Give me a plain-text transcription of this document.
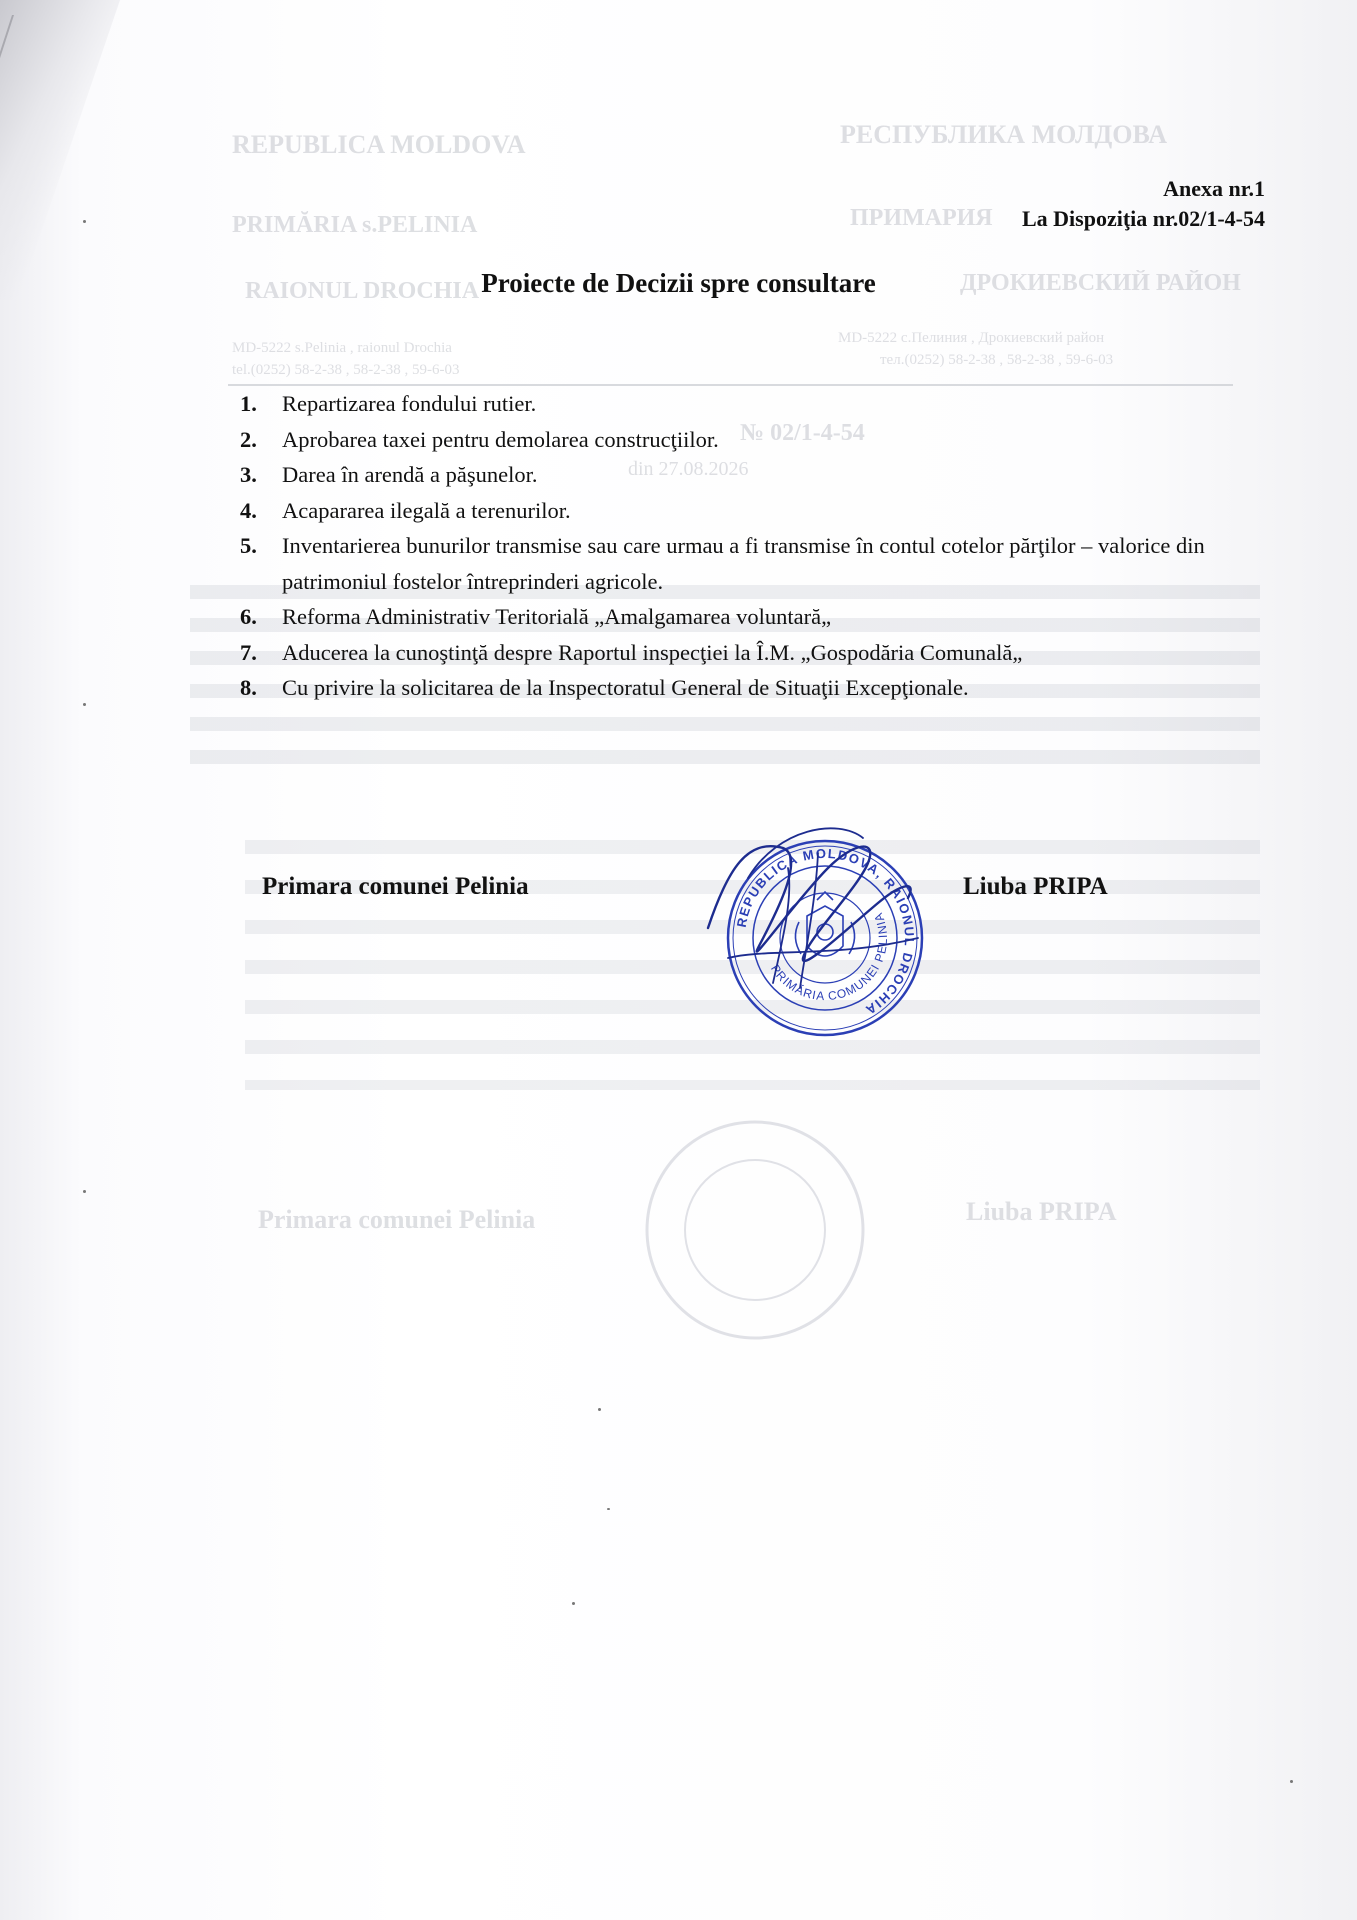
REPUBLICA MOLDOVA	РЕСПУБЛИКА МОЛДОВА
PRIMĂRIA s.PELINIA	ПРИМАРИЯ
RAIONUL DROCHIA	ДРОКИЕВСКИЙ РАЙОН
MD-5222 s.Pelinia , raionul Drochia
tel.(0252) 58-2-38 , 58-2-38 , 59-6-03
MD-5222 с.Пелиния , Дрокиевский район
тел.(0252) 58-2-38 , 58-2-38 , 59-6-03
№ 02/1-4-54
din 27.08.2026
Primara comunei Pelinia	Liuba PRIPA
Anexa nr.1
La Dispoziţia nr.02/1-4-54
Proiecte de Decizii spre consultare
1. Repartizarea fondului rutier.
2. Aprobarea taxei pentru demolarea construcţiilor.
3. Darea în arendă a păşunelor.
4. Acapararea ilegală a terenurilor.
5. Inventarierea bunurilor transmise sau care urmau a fi transmise în contul cotelor părţilor – valorice din patrimoniul fostelor întreprinderi agricole.
6. Reforma Administrativ Teritorială „Amalgamarea voluntară„
7. Aducerea la cunoştinţă despre Raportul inspecţiei la Î.M. „Gospodăria Comunală„
8. Cu privire la solicitarea de la Inspectoratul General de Situaţii Excepţionale.
Primara comunei Pelinia	Liuba PRIPA
REPUBLICA MOLDOVA, RAIONUL DROCHIA
PRIMĂRIA COMUNEI PELINIA
